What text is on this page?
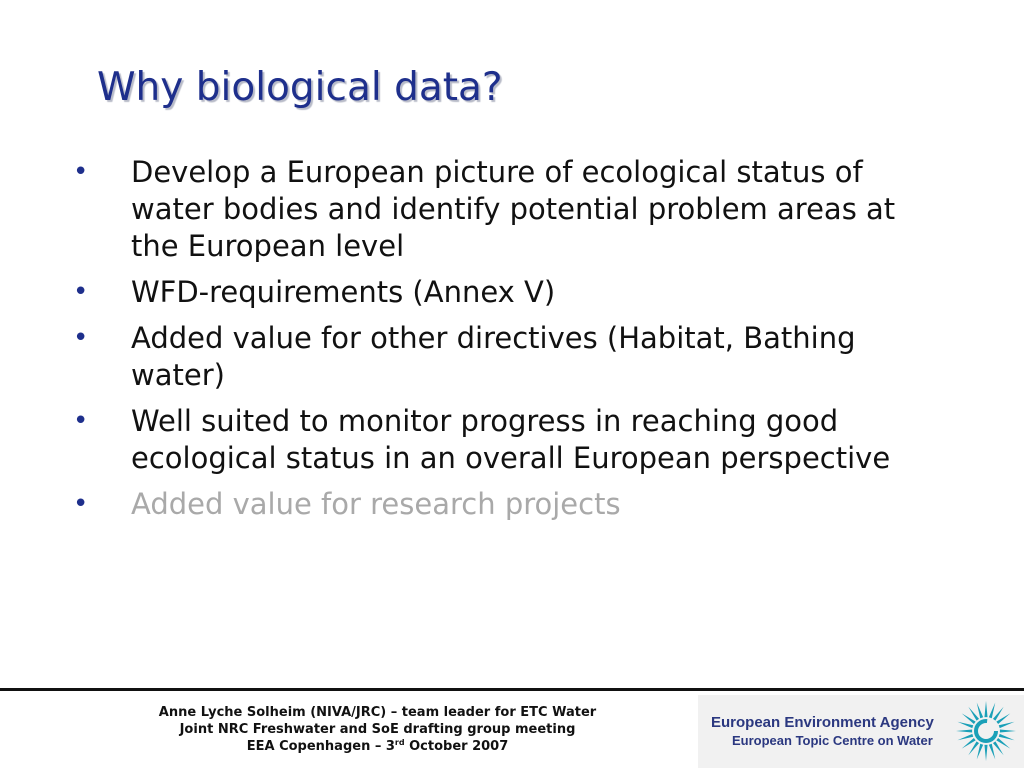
Why biological data?
• Develop a European picture of ecological status of water bodies and identify potential problem areas at the European level
• WFD-requirements (Annex V)
• Added value for other directives (Habitat, Bathing water)
• Well suited to monitor progress in reaching good ecological status in an overall European perspective
• Added value for research projects
Anne Lyche Solheim (NIVA/JRC) – team leader for ETC Water
Joint NRC Freshwater and SoE drafting group meeting
EEA Copenhagen – 3rd October 2007
European Environment Agency
European Topic Centre on Water
